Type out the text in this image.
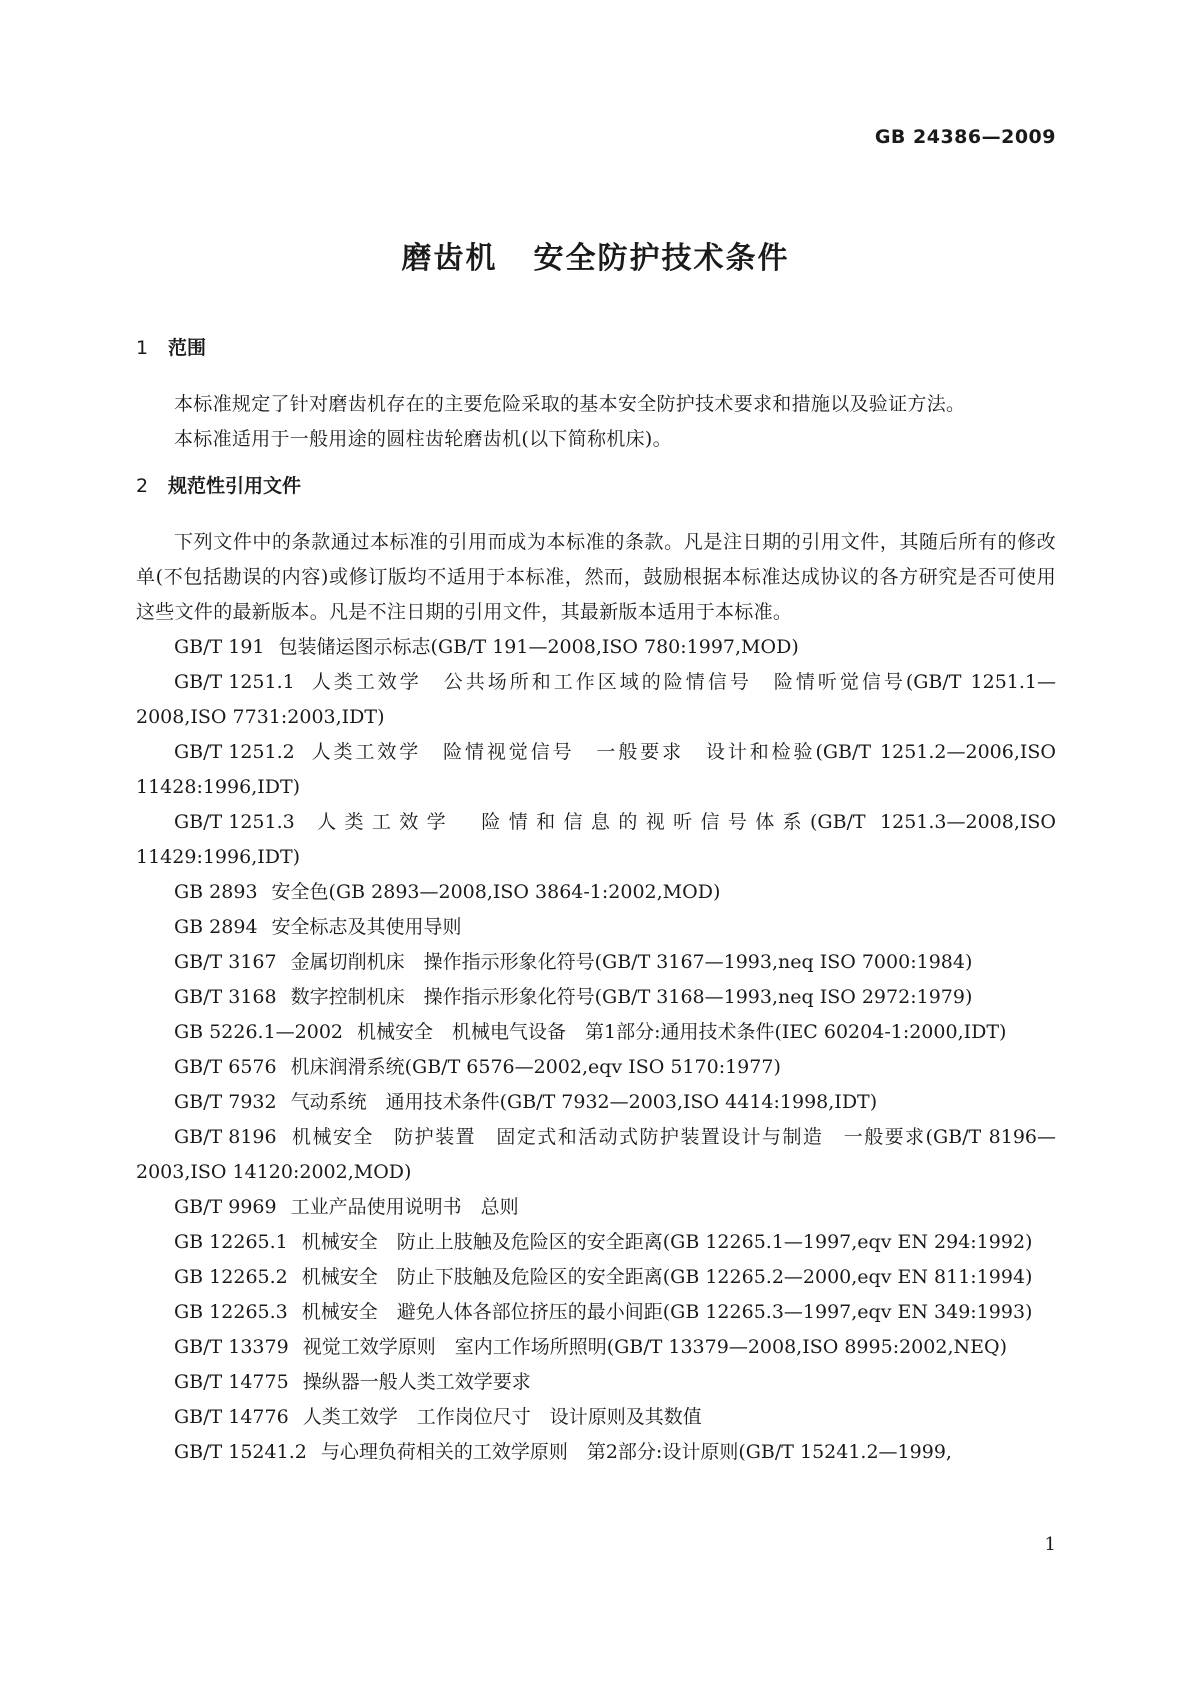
GB 24386—2009
磨齿机 安全防护技术条件
1 范围

本标准规定了针对磨齿机存在的主要危险采取的基本安全防护技术要求和措施以及验证方法。

本标准适用于一般用途的圆柱齿轮磨齿机(以下简称机床)。

2 规范性引用文件

下列文件中的条款通过本标准的引用而成为本标准的条款。凡是注日期的引用文件，其随后所有的修改单(不包括勘误的内容)或修订版均不适用于本标准，然而，鼓励根据本标准达成协议的各方研究是否可使用这些文件的最新版本。凡是不注日期的引用文件，其最新版本适用于本标准。

GB/T 191 包装储运图示标志(GB/T 191—2008,ISO 780:1997,MOD)

GB/T 1251.1 人类工效学　公共场所和工作区域的险情信号　险情听觉信号(GB/T 1251.1—2008,ISO 7731:2003,IDT)

GB/T 1251.2 人类工效学　险情视觉信号　一般要求　设计和检验(GB/T 1251.2—2006,ISO 11428:1996,IDT)

GB/T 1251.3 人类工效学　险情和信息的视听信号体系(GB/T 1251.3—2008,ISO 11429:1996,IDT)

GB 2893 安全色(GB 2893—2008,ISO 3864-1:2002,MOD)

GB 2894 安全标志及其使用导则

GB/T 3167 金属切削机床　操作指示形象化符号(GB/T 3167—1993,neq ISO 7000:1984)

GB/T 3168 数字控制机床　操作指示形象化符号(GB/T 3168—1993,neq ISO 2972:1979)

GB 5226.1—2002 机械安全　机械电气设备　第1部分:通用技术条件(IEC 60204-1:2000,IDT)

GB/T 6576 机床润滑系统(GB/T 6576—2002,eqv ISO 5170:1977)

GB/T 7932 气动系统　通用技术条件(GB/T 7932—2003,ISO 4414:1998,IDT)

GB/T 8196 机械安全　防护装置　固定式和活动式防护装置设计与制造　一般要求(GB/T 8196—2003,ISO 14120:2002,MOD)

GB/T 9969 工业产品使用说明书　总则

GB 12265.1 机械安全　防止上肢触及危险区的安全距离(GB 12265.1—1997,eqv EN 294:1992)

GB 12265.2 机械安全　防止下肢触及危险区的安全距离(GB 12265.2—2000,eqv EN 811:1994)

GB 12265.3 机械安全　避免人体各部位挤压的最小间距(GB 12265.3—1997,eqv EN 349:1993)

GB/T 13379 视觉工效学原则　室内工作场所照明(GB/T 13379—2008,ISO 8995:2002,NEQ)

GB/T 14775 操纵器一般人类工效学要求

GB/T 14776 人类工效学　工作岗位尺寸　设计原则及其数值

GB/T 15241.2 与心理负荷相关的工效学原则　第2部分:设计原则(GB/T 15241.2—1999,

1
